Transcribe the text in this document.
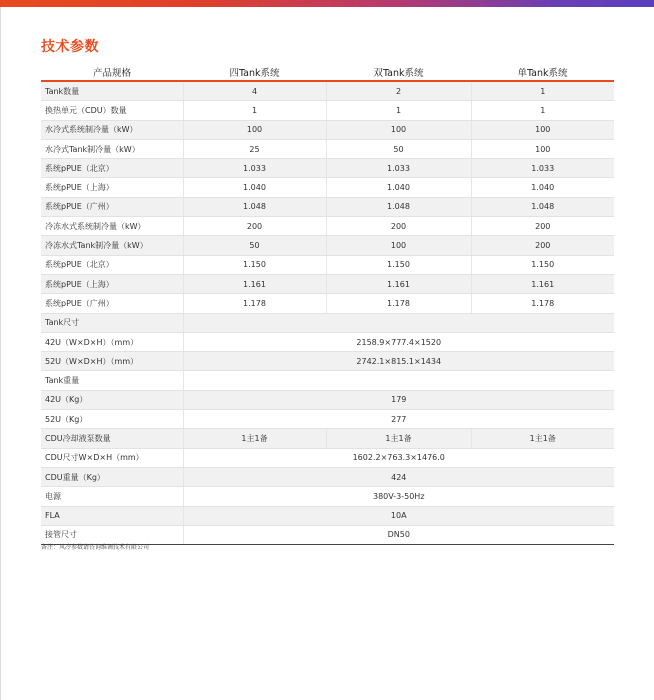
技术参数
产品规格	四Tank系统	双Tank系统	单Tank系统
Tank数量	4	2	1
换热单元（CDU）数量	1	1	1
水冷式系统制冷量（kW）	100	100	100
水冷式Tank制冷量（kW）	25	50	100
系统pPUE（北京）	1.033	1.033	1.033
系统pPUE（上海）	1.040	1.040	1.040
系统pPUE（广州）	1.048	1.048	1.048
冷冻水式系统制冷量（kW）	200	200	200
冷冻水式Tank制冷量（kW）	50	100	200
系统pPUE（北京）	1.150	1.150	1.150
系统pPUE（上海）	1.161	1.161	1.161
系统pPUE（广州）	1.178	1.178	1.178
Tank尺寸			
42U（W×D×H）（mm）	2158.9×777.4×1520		
52U（W×D×H）（mm）	2742.1×815.1×1434		
Tank重量			
42U（Kg）	179		
52U（Kg）	277		
CDU冷却液泵数量	1主1备	1主1备	1主1备
CDU尺寸W×D×H（mm）	1602.2×763.3×1476.0		
CDU重量（Kg）	424		
电源	380V-3-50Hz		
FLA	10A		
接管尺寸	DN50		
备注：风冷参数请咨询维调技术有限公司
